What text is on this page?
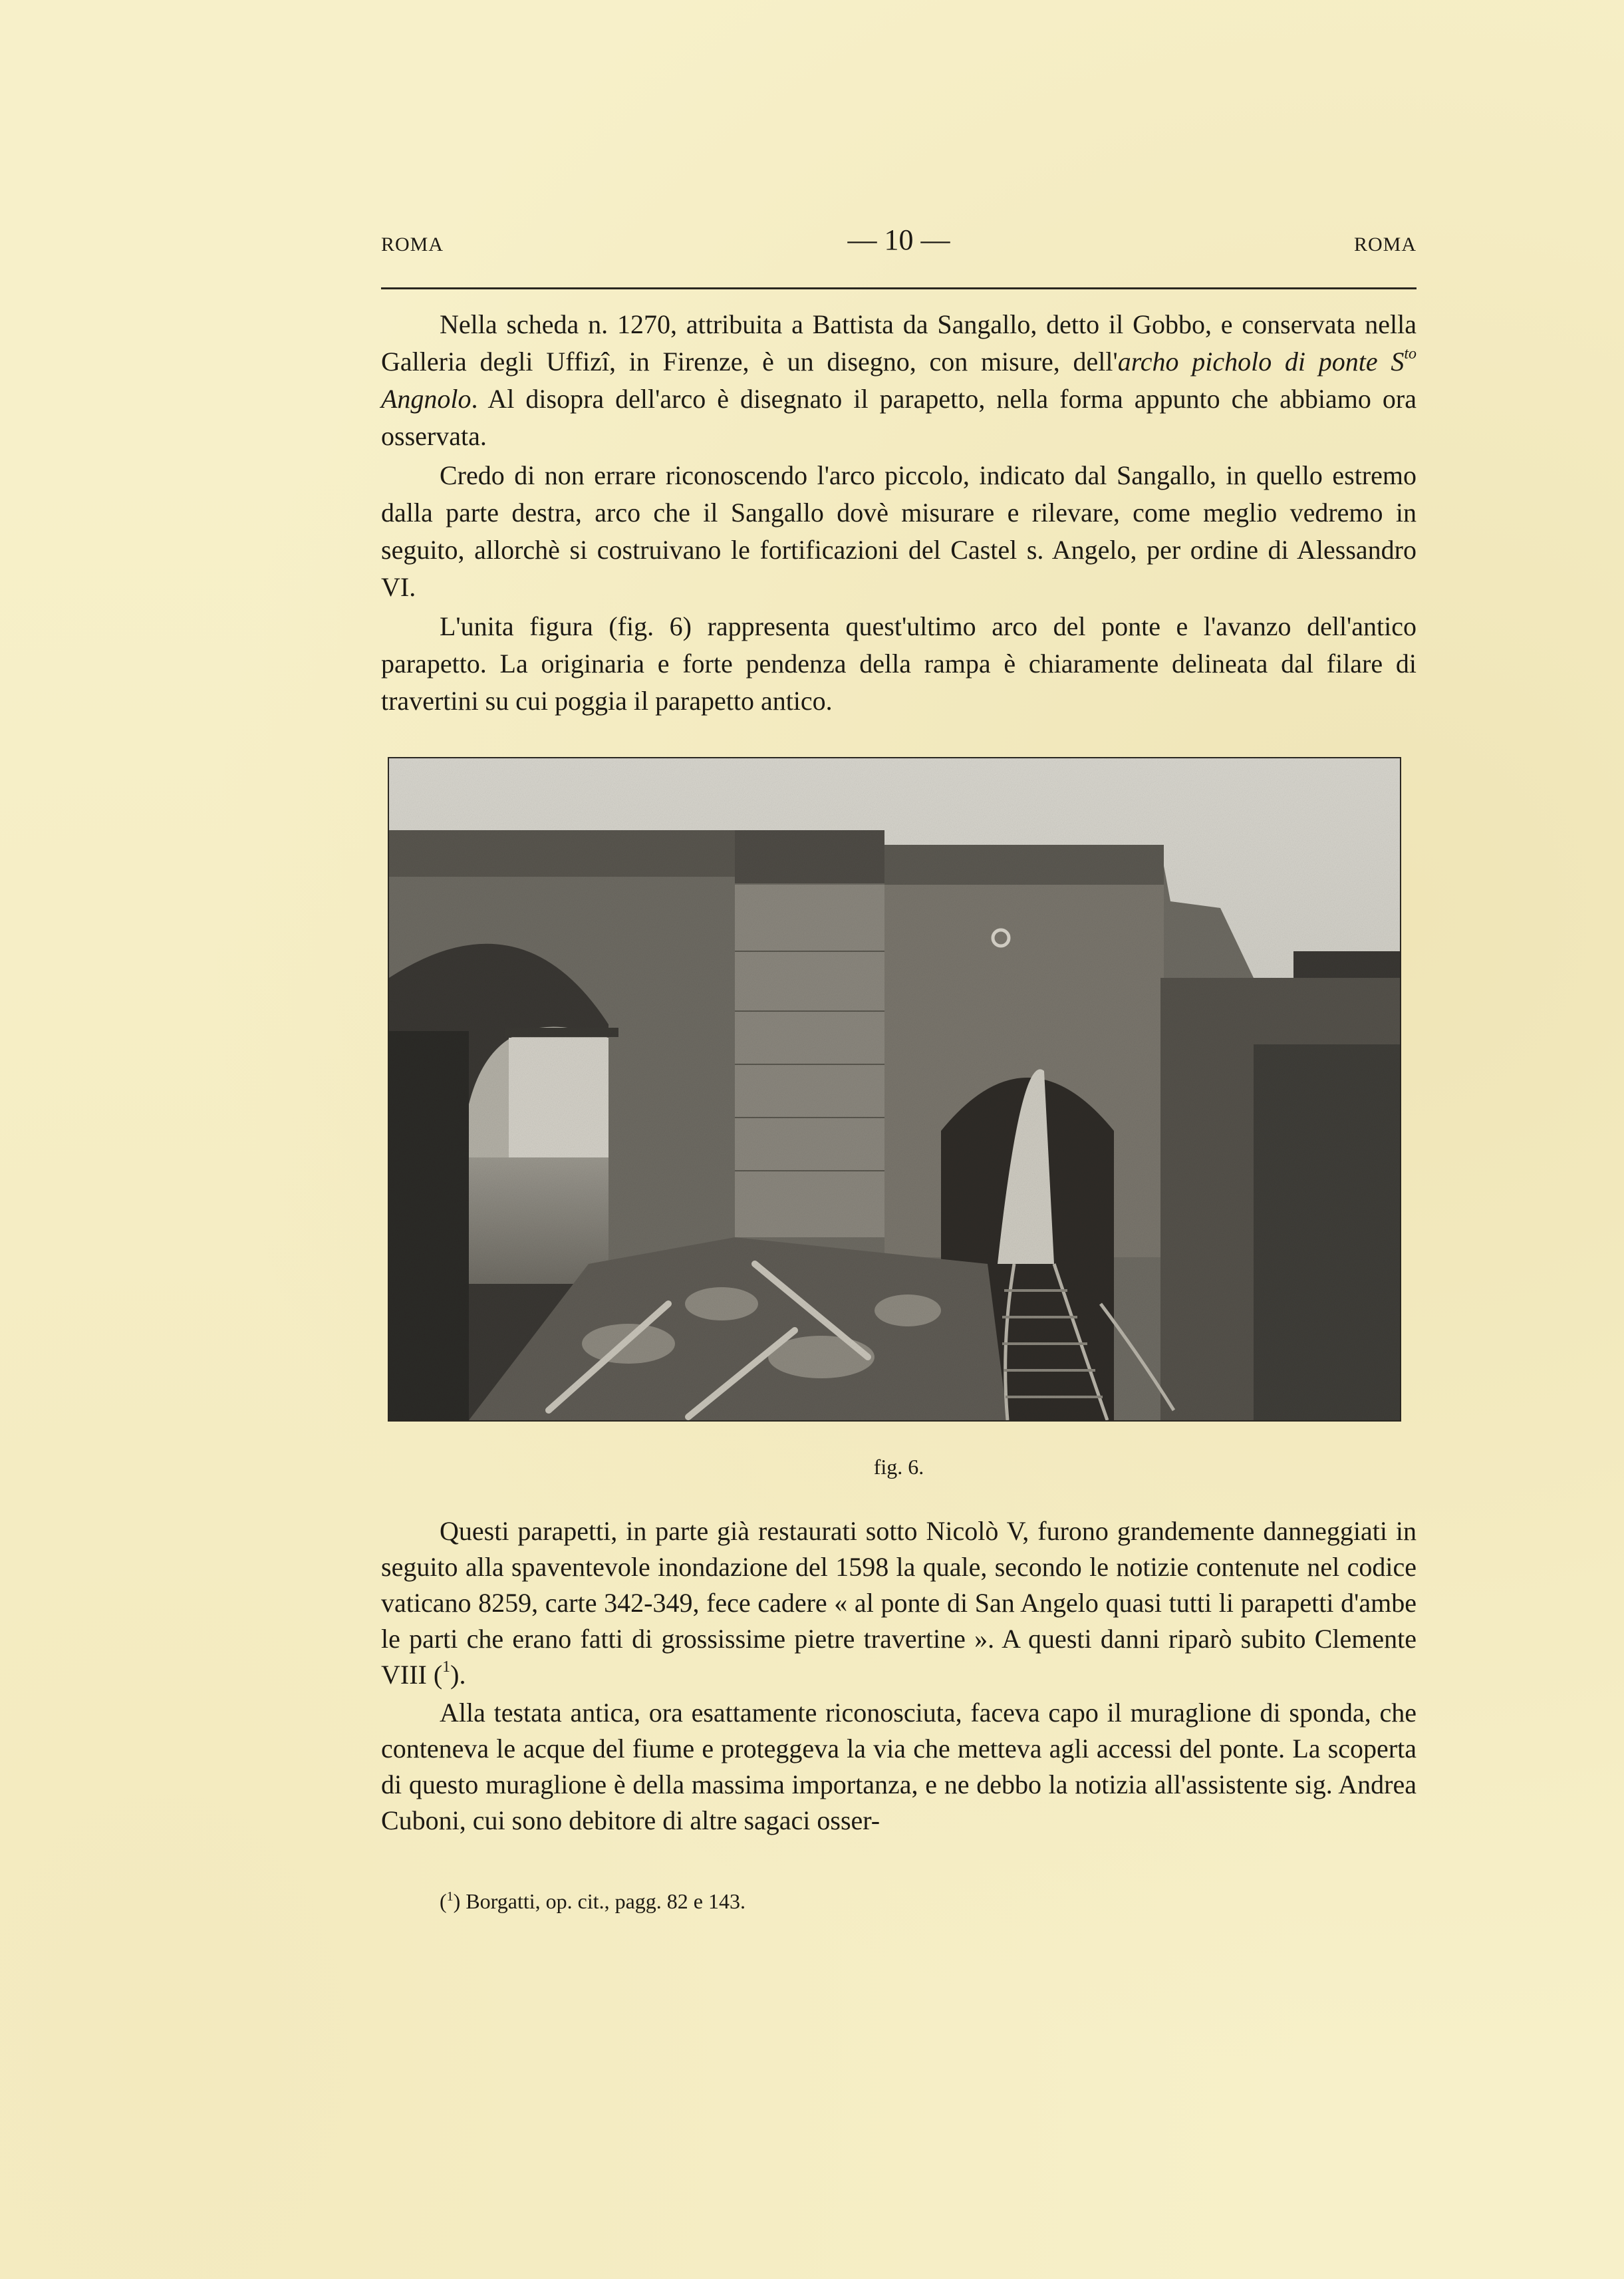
ROMA	— 10 —	ROMA

Nella scheda n. 1270, attribuita a Battista da Sangallo, detto il Gobbo, e conservata nella Galleria degli Uffizî, in Firenze, è un disegno, con misure, dell'archo picholo di ponte $S^{to}$ Angnolo. Al disopra dell'arco è disegnato il parapetto, nella forma appunto che abbiamo ora osservata.

Credo di non errare riconoscendo l'arco piccolo, indicato dal Sangallo, in quello estremo dalla parte destra, arco che il Sangallo dovè misurare e rilevare, come meglio vedremo in seguito, allorchè si costruivano le fortificazioni del Castel s. Angelo, per ordine di Alessandro VI.

L'unita figura (fig. 6) rappresenta quest'ultimo arco del ponte e l'avanzo dell'antico parapetto. La originaria e forte pendenza della rampa è chiaramente delineata dal filare di travertini su cui poggia il parapetto antico.

fig. 6.

Questi parapetti, in parte già restaurati sotto Nicolò V, furono grandemente danneggiati in seguito alla spaventevole inondazione del 1598 la quale, secondo le notizie contenute nel codice vaticano 8259, carte 342-349, fece cadere « al ponte di San Angelo quasi tutti li parapetti d'ambe le parti che erano fatti di grossissime pietre travertine ». A questi danni riparò subito Clemente VIII ($^1$).

Alla testata antica, ora esattamente riconosciuta, faceva capo il muraglione di sponda, che conteneva le acque del fiume e proteggeva la via che metteva agli accessi del ponte. La scoperta di questo muraglione è della massima importanza, e ne debbo la notizia all'assistente sig. Andrea Cuboni, cui sono debitore di altre sagaci osser-

($^1$) Borgatti, op. cit., pagg. 82 e 143.
